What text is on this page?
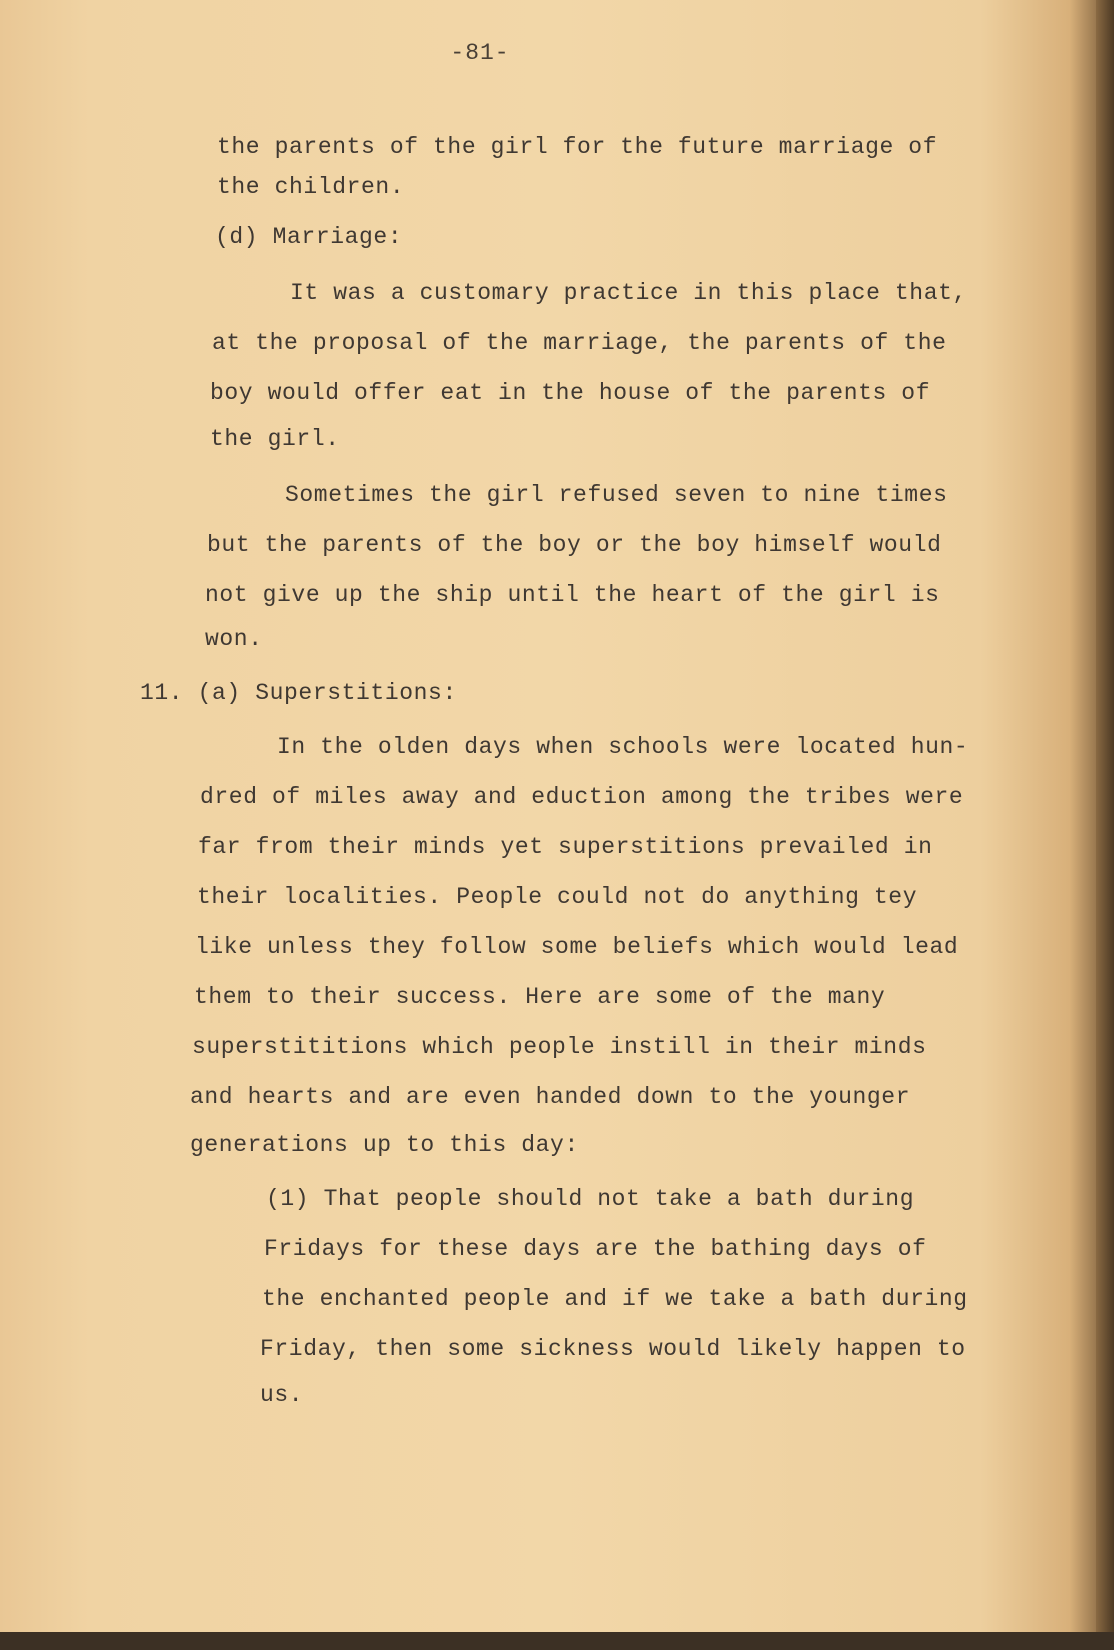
-81-
the parents of the girl for the future marriage of
the children.
(d) Marriage:
It was a customary practice in this place that,
at the proposal of the marriage, the parents of the
boy would offer eat in the house of the parents of
the girl.
Sometimes the girl refused seven to nine times
but the parents of the boy or the boy himself would
not give up the ship until the heart of the girl is
won.
11. (a) Superstitions:
In the olden days when schools were located hun-
dred of miles away and eduction among the tribes were
far from their minds yet superstitions prevailed in
their localities. People could not do anything tey
like unless they follow some beliefs which would lead
them to their success. Here are some of the many
superstititions which people instill in their minds
and hearts and are even handed down to the younger
generations up to this day:
(1) That people should not take a bath during
Fridays for these days are the bathing days of
the enchanted people and if we take a bath during
Friday, then some sickness would likely happen to
us.
